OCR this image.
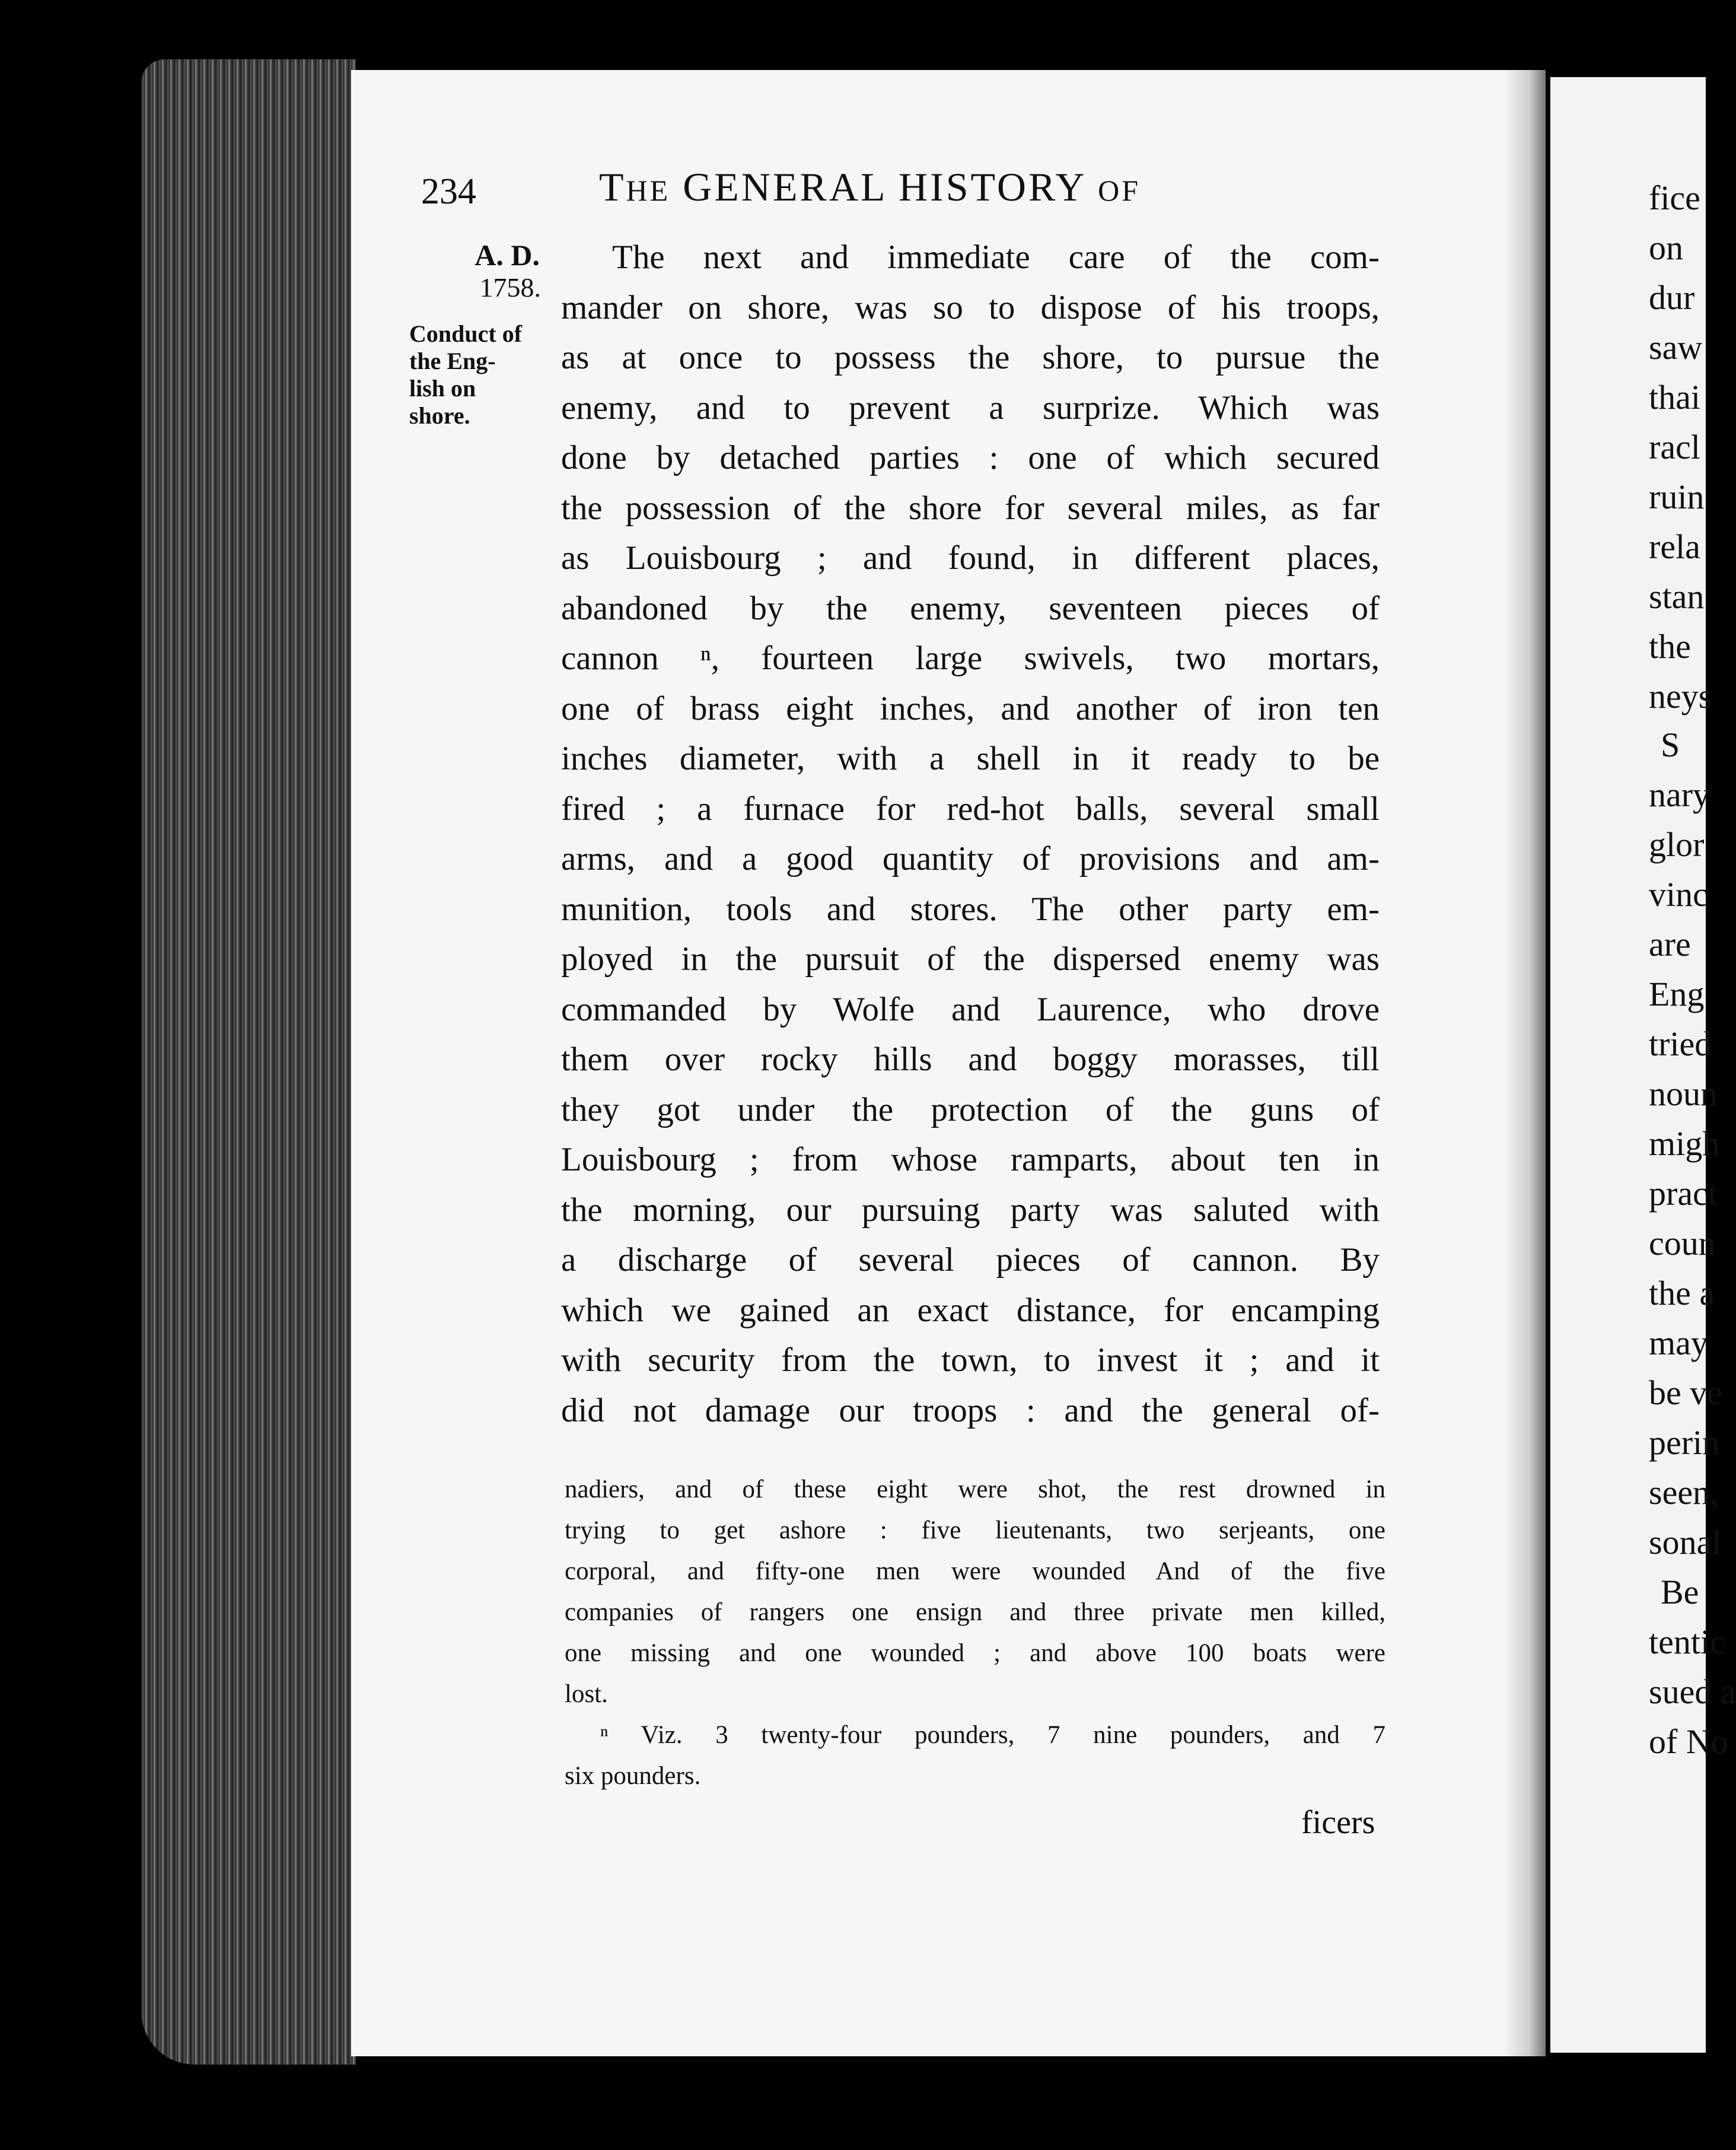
fice
on
dur
saw
thai
racl
ruin
rela
stan
the
neys
S
nary
glor
vinc
are
Eng
tried
noun
migh
pract
coun
the a
may
be ve
perin
seen,
sonal
Be
tentic
sued a
of No
234	THE GENERAL HISTORY OF
A. D.
1758.
Conduct of
the Eng-
lish on
shore.
The next and immediate care of the com-
mander on shore, was so to dispose of his troops,
as at once to possess the shore, to pursue the
enemy, and to prevent a surprize. Which was
done by detached parties : one of which secured
the possession of the shore for several miles, as far
as Louisbourg ; and found, in different places,
abandoned by the enemy, seventeen pieces of
cannon ⁿ, fourteen large swivels, two mortars,
one of brass eight inches, and another of iron ten
inches diameter, with a shell in it ready to be
fired ; a furnace for red-hot balls, several small
arms, and a good quantity of provisions and am-
munition, tools and stores. The other party em-
ployed in the pursuit of the dispersed enemy was
commanded by Wolfe and Laurence, who drove
them over rocky hills and boggy morasses, till
they got under the protection of the guns of
Louisbourg ; from whose ramparts, about ten in
the morning, our pursuing party was saluted with
a discharge of several pieces of cannon. By
which we gained an exact distance, for encamping
with security from the town, to invest it ; and it
did not damage our troops : and the general of-
nadiers, and of these eight were shot, the rest drowned in
trying to get ashore : five lieutenants, two serjeants, one
corporal, and fifty-one men were wounded And of the five
companies of rangers one ensign and three private men killed,
one missing and one wounded ; and above 100 boats were
lost.
ⁿ Viz. 3 twenty-four pounders, 7 nine pounders, and 7
six pounders.
ficers
